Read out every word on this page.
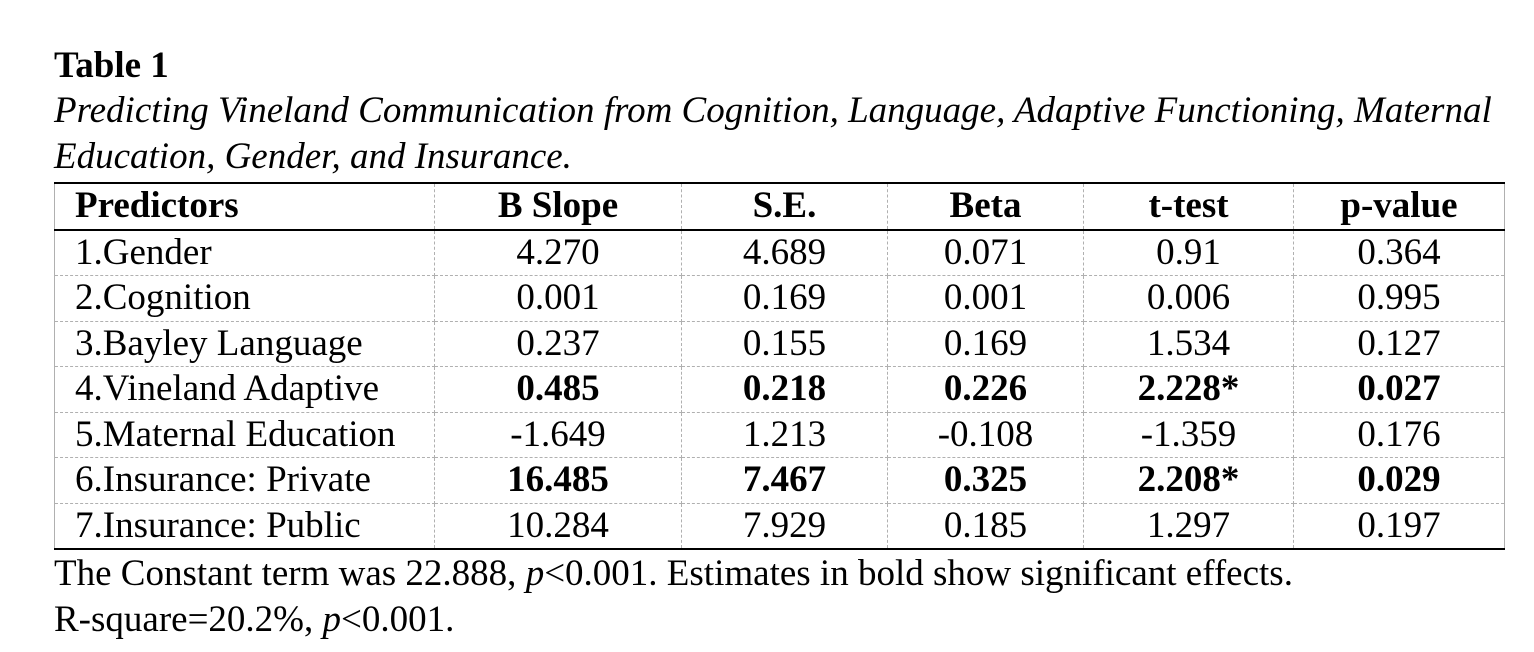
Table 1

Predicting Vineland Communication from Cognition, Language, Adaptive Functioning, Maternal Education, Gender, and Insurance.

Predictors	B Slope	S.E.	Beta	t-test	p-value
1.Gender	4.270	4.689	0.071	0.91	0.364
2.Cognition	0.001	0.169	0.001	0.006	0.995
3.Bayley Language	0.237	0.155	0.169	1.534	0.127
4.Vineland Adaptive	0.485	0.218	0.226	2.228*	0.027
5.Maternal Education	-1.649	1.213	-0.108	-1.359	0.176
6.Insurance: Private	16.485	7.467	0.325	2.208*	0.029
7.Insurance: Public	10.284	7.929	0.185	1.297	0.197

The Constant term was 22.888, p<0.001. Estimates in bold show significant effects.

R-square=20.2%, p<0.001.
